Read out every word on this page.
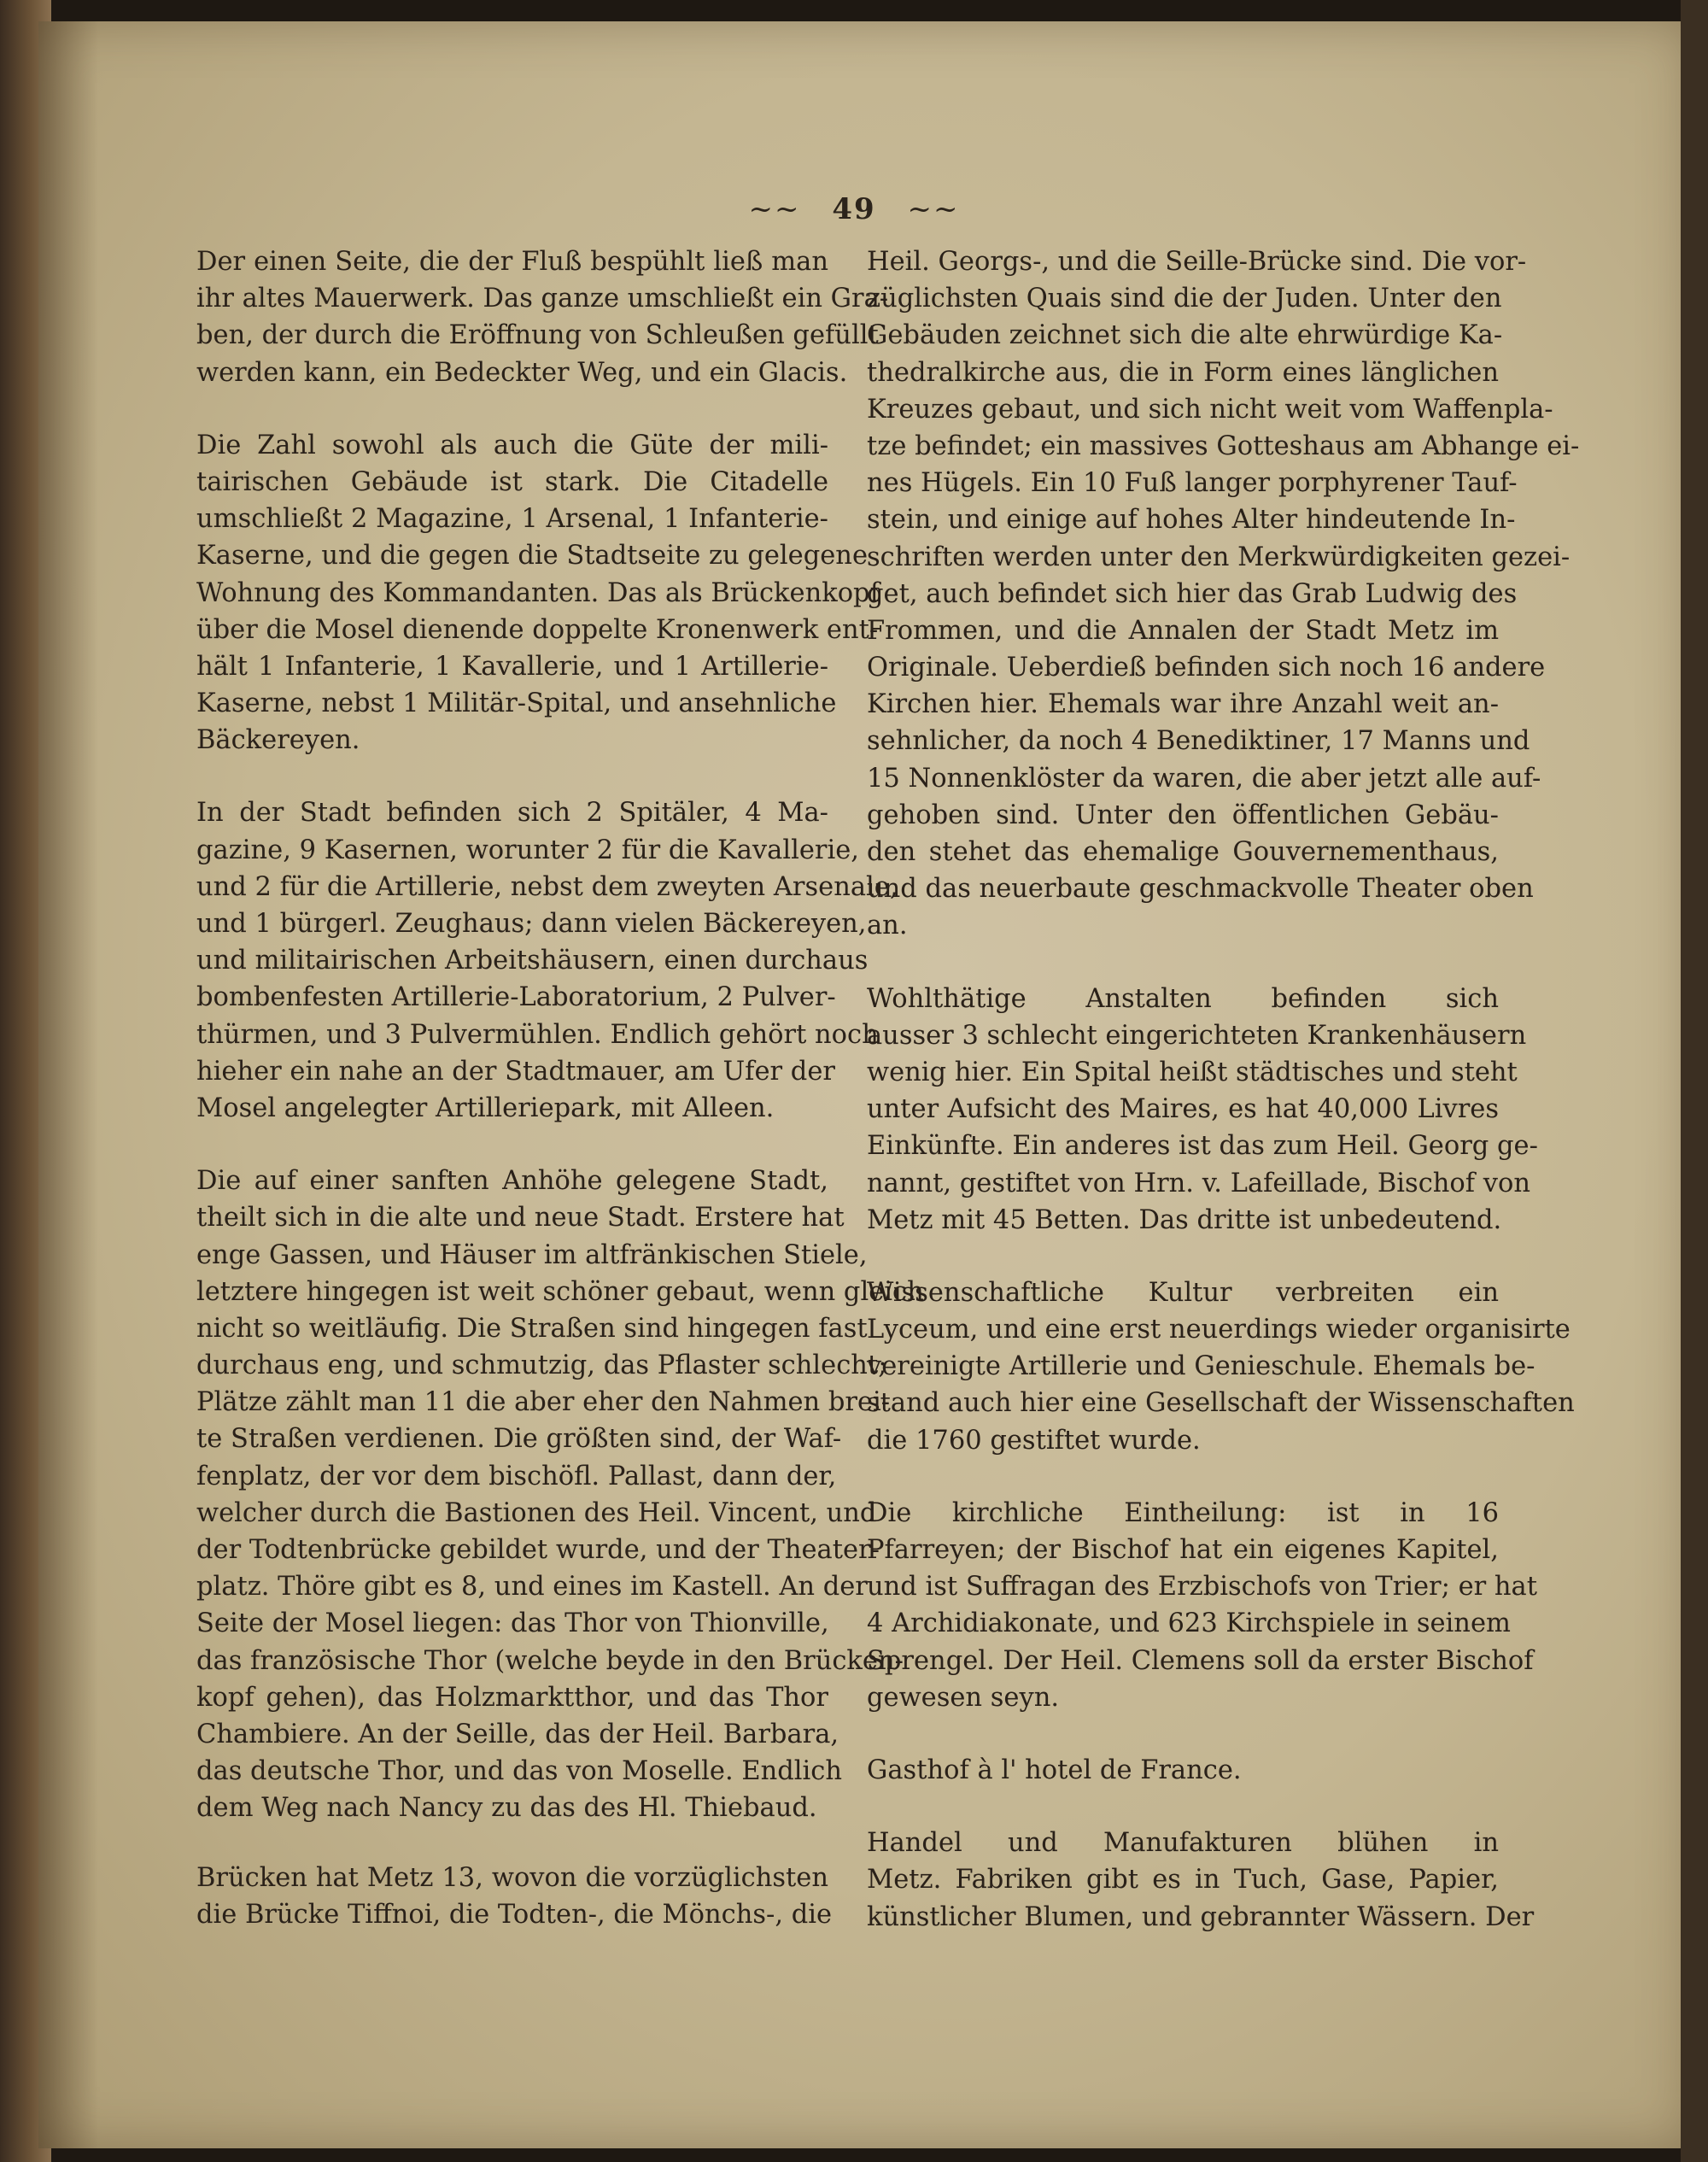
~~ 49 ~~
Der einen Seite, die der Fluß bespühlt ließ man
ihr altes Mauerwerk. Das ganze umschließt ein Gra-
ben, der durch die Eröffnung von Schleußen gefüllt
werden kann, ein Bedeckter Weg, und ein Glacis.
Die Zahl sowohl als auch die Güte der mili-
tairischen Gebäude ist stark. Die Citadelle
umschließt 2 Magazine, 1 Arsenal, 1 Infanterie-
Kaserne, und die gegen die Stadtseite zu gelegene
Wohnung des Kommandanten. Das als Brückenkopf
über die Mosel dienende doppelte Kronenwerk ent-
hält 1 Infanterie, 1 Kavallerie, und 1 Artillerie-
Kaserne, nebst 1 Militär-Spital, und ansehnliche
Bäckereyen.
In der Stadt befinden sich 2 Spitäler, 4 Ma-
gazine, 9 Kasernen, worunter 2 für die Kavallerie,
und 2 für die Artillerie, nebst dem zweyten Arsenale,
und 1 bürgerl. Zeughaus; dann vielen Bäckereyen,
und militairischen Arbeitshäusern, einen durchaus
bombenfesten Artillerie-Laboratorium, 2 Pulver-
thürmen, und 3 Pulvermühlen. Endlich gehört noch
hieher ein nahe an der Stadtmauer, am Ufer der
Mosel angelegter Artilleriepark, mit Alleen.
Die auf einer sanften Anhöhe gelegene Stadt,
theilt sich in die alte und neue Stadt. Erstere hat
enge Gassen, und Häuser im altfränkischen Stiele,
letztere hingegen ist weit schöner gebaut, wenn gleich
nicht so weitläufig. Die Straßen sind hingegen fast
durchaus eng, und schmutzig, das Pflaster schlecht;
Plätze zählt man 11 die aber eher den Nahmen brei-
te Straßen verdienen. Die größten sind, der Waf-
fenplatz, der vor dem bischöfl. Pallast, dann der,
welcher durch die Bastionen des Heil. Vincent, und
der Todtenbrücke gebildet wurde, und der Theater-
platz. Thöre gibt es 8, und eines im Kastell. An der
Seite der Mosel liegen: das Thor von Thionville,
das französische Thor (welche beyde in den Brücken-
kopf gehen), das Holzmarktthor, und das Thor
Chambiere. An der Seille, das der Heil. Barbara,
das deutsche Thor, und das von Moselle. Endlich
dem Weg nach Nancy zu das des Hl. Thiebaud.
Brücken hat Metz 13, wovon die vorzüglichsten
die Brücke Tiffnoi, die Todten-, die Mönchs-, die
Heil. Georgs-, und die Seille-Brücke sind. Die vor-
züglichsten Quais sind die der Juden. Unter den
Gebäuden zeichnet sich die alte ehrwürdige Ka-
thedralkirche aus, die in Form eines länglichen
Kreuzes gebaut, und sich nicht weit vom Waffenpla-
tze befindet; ein massives Gotteshaus am Abhange ei-
nes Hügels. Ein 10 Fuß langer porphyrener Tauf-
stein, und einige auf hohes Alter hindeutende In-
schriften werden unter den Merkwürdigkeiten gezei-
get, auch befindet sich hier das Grab Ludwig des
Frommen, und die Annalen der Stadt Metz im
Originale. Ueberdieß befinden sich noch 16 andere
Kirchen hier. Ehemals war ihre Anzahl weit an-
sehnlicher, da noch 4 Benediktiner, 17 Manns und
15 Nonnenklöster da waren, die aber jetzt alle auf-
gehoben sind. Unter den öffentlichen Gebäu-
den stehet das ehemalige Gouvernementhaus,
und das neuerbaute geschmackvolle Theater oben
an.
Wohlthätige Anstalten befinden sich
ausser 3 schlecht eingerichteten Krankenhäusern
wenig hier. Ein Spital heißt städtisches und steht
unter Aufsicht des Maires, es hat 40,000 Livres
Einkünfte. Ein anderes ist das zum Heil. Georg ge-
nannt, gestiftet von Hrn. v. Lafeillade, Bischof von
Metz mit 45 Betten. Das dritte ist unbedeutend.
Wissenschaftliche Kultur verbreiten ein
Lyceum, und eine erst neuerdings wieder organisirte
vereinigte Artillerie und Genieschule. Ehemals be-
stand auch hier eine Gesellschaft der Wissenschaften
die 1760 gestiftet wurde.
Die kirchliche Eintheilung: ist in 16
Pfarreyen; der Bischof hat ein eigenes Kapitel,
und ist Suffragan des Erzbischofs von Trier; er hat
4 Archidiakonate, und 623 Kirchspiele in seinem
Sprengel. Der Heil. Clemens soll da erster Bischof
gewesen seyn.
Gasthof à l' hotel de France.
Handel und Manufakturen blühen in
Metz. Fabriken gibt es in Tuch, Gase, Papier,
künstlicher Blumen, und gebrannter Wässern. Der
